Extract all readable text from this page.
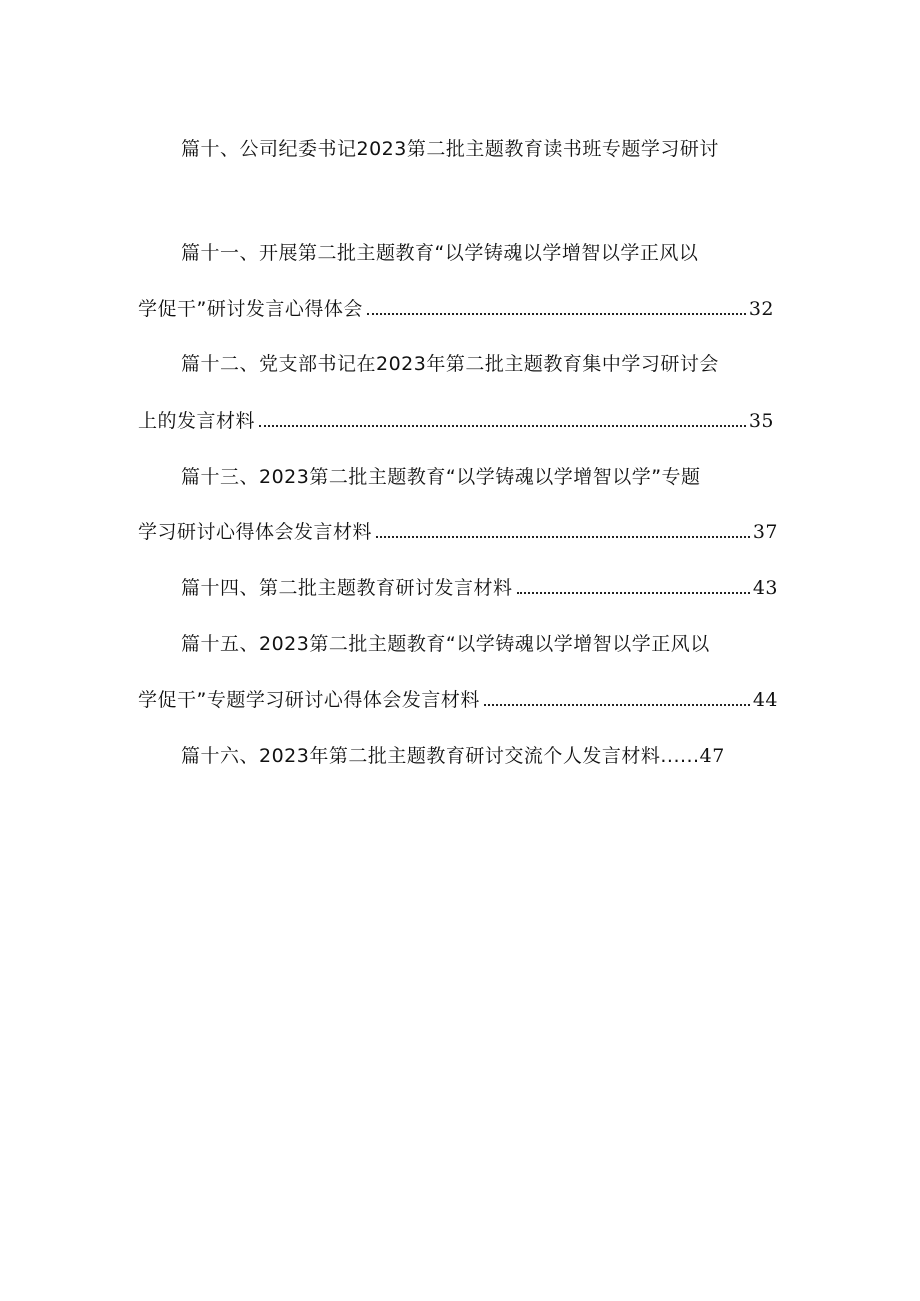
篇十、公司纪委书记2023第二批主题教育读书班专题学习研讨
篇十一、开展第二批主题教育“以学铸魂以学增智以学正风以
学促干”研讨发言心得体会	32
篇十二、党支部书记在2023年第二批主题教育集中学习研讨会
上的发言材料	35
篇十三、2023第二批主题教育“以学铸魂以学增智以学”专题
学习研讨心得体会发言材料	37
篇十四、第二批主题教育研讨发言材料	43
篇十五、2023第二批主题教育“以学铸魂以学增智以学正风以
学促干”专题学习研讨心得体会发言材料	44
篇十六、2023年第二批主题教育研讨交流个人发言材料......47
